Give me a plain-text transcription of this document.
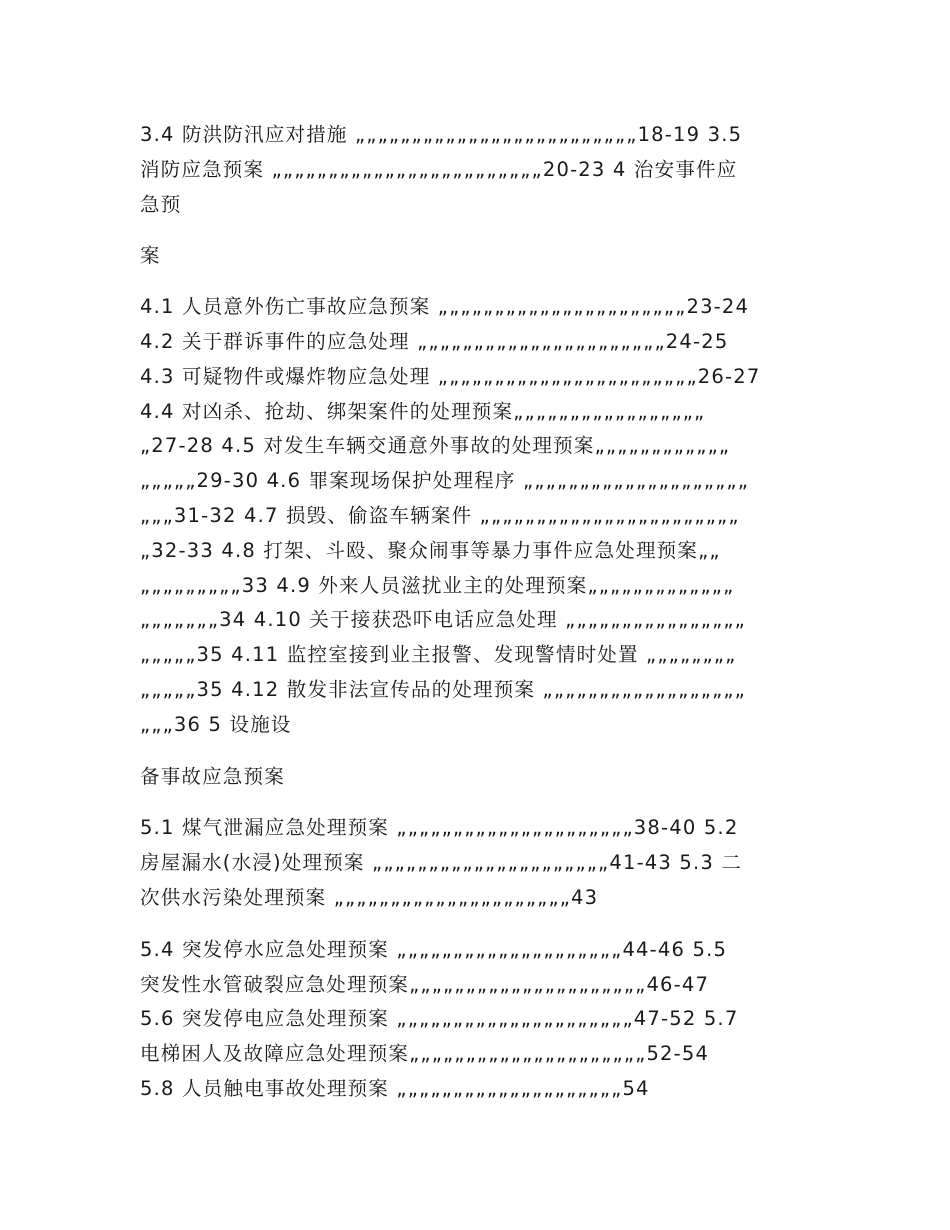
3.4 防洪防汛应对措施 „„„„„„„„„„„„„„„„„„„„„„„„„18-19 3.5
消防应急预案 „„„„„„„„„„„„„„„„„„„„„„„„20-23 4 治安事件应
急预
案
4.1 人员意外伤亡事故应急预案 „„„„„„„„„„„„„„„„„„„„„„23-24
4.2 关于群诉事件的应急处理 „„„„„„„„„„„„„„„„„„„„„„24-25
4.3 可疑物件或爆炸物应急处理 „„„„„„„„„„„„„„„„„„„„„„„26-27
4.4 对凶杀、抢劫、绑架案件的处理预案„„„„„„„„„„„„„„„„„
„27-28 4.5 对发生车辆交通意外事故的处理预案„„„„„„„„„„„„
„„„„„29-30 4.6 罪案现场保护处理程序 „„„„„„„„„„„„„„„„„„„„
„„„31-32 4.7 损毁、偷盗车辆案件 „„„„„„„„„„„„„„„„„„„„„„„
„32-33 4.8 打架、斗殴、聚众闹事等暴力事件应急处理预案„„
„„„„„„„„„33 4.9 外来人员滋扰业主的处理预案„„„„„„„„„„„„„
„„„„„„„34 4.10 关于接获恐吓电话应急处理 „„„„„„„„„„„„„„„„
„„„„„35 4.11 监控室接到业主报警、发现警情时处置 „„„„„„„„
„„„„„35 4.12 散发非法宣传品的处理预案 „„„„„„„„„„„„„„„„„„
„„„36 5 设施设
备事故应急预案
5.1 煤气泄漏应急处理预案 „„„„„„„„„„„„„„„„„„„„„38-40 5.2
房屋漏水(水浸)处理预案 „„„„„„„„„„„„„„„„„„„„„41-43 5.3 二
次供水污染处理预案 „„„„„„„„„„„„„„„„„„„„„43
5.4 突发停水应急处理预案 „„„„„„„„„„„„„„„„„„„„44-46 5.5
突发性水管破裂应急处理预案„„„„„„„„„„„„„„„„„„„„„46-47
5.6 突发停电应急处理预案 „„„„„„„„„„„„„„„„„„„„„47-52 5.7
电梯困人及故障应急处理预案„„„„„„„„„„„„„„„„„„„„„52-54
5.8 人员触电事故处理预案 „„„„„„„„„„„„„„„„„„„„54
